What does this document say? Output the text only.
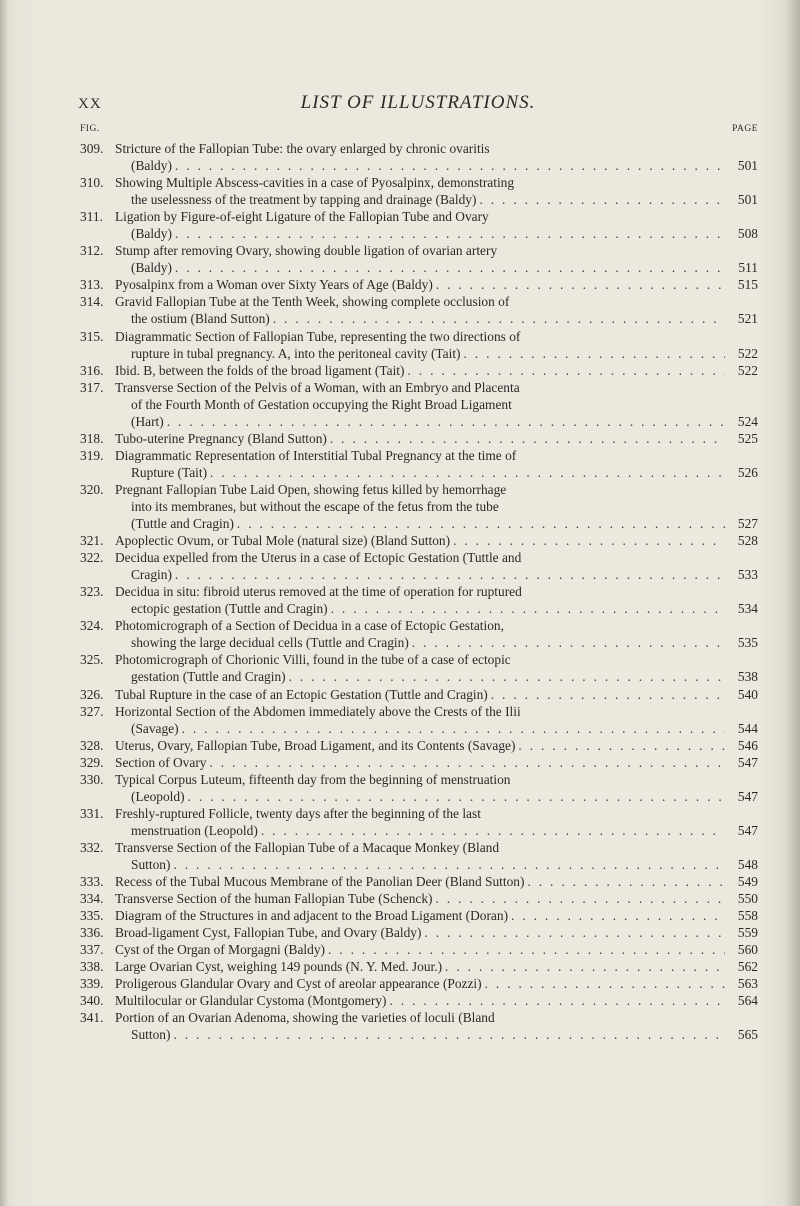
XX	LIST OF ILLUSTRATIONS.
FIG.	PAGE
309. Stricture of the Fallopian Tube: the ovary enlarged by chronic ovaritis
(Baldy) . . .	501
310. Showing Multiple Abscess-cavities in a case of Pyosalpinx, demonstrating
the uselessness of the treatment by tapping and drainage (Baldy) . . .	501
311. Ligation by Figure-of-eight Ligature of the Fallopian Tube and Ovary
(Baldy) . . .	508
312. Stump after removing Ovary, showing double ligation of ovarian artery
(Baldy) . . .	511
313. Pyosalpinx from a Woman over Sixty Years of Age (Baldy) . . .	515
314. Gravid Fallopian Tube at the Tenth Week, showing complete occlusion of
the ostium (Bland Sutton) . . .	521
315. Diagrammatic Section of Fallopian Tube, representing the two directions of
rupture in tubal pregnancy. A, into the peritoneal cavity (Tait) . . .	522
316. Ibid. B, between the folds of the broad ligament (Tait) . . .	522
317. Transverse Section of the Pelvis of a Woman, with an Embryo and Placenta
of the Fourth Month of Gestation occupying the Right Broad Ligament
(Hart) . . .	524
318. Tubo-uterine Pregnancy (Bland Sutton) . . .	525
319. Diagrammatic Representation of Interstitial Tubal Pregnancy at the time of
Rupture (Tait) . . .	526
320. Pregnant Fallopian Tube Laid Open, showing fetus killed by hemorrhage
into its membranes, but without the escape of the fetus from the tube
(Tuttle and Cragin) . . .	527
321. Apoplectic Ovum, or Tubal Mole (natural size) (Bland Sutton) . . .	528
322. Decidua expelled from the Uterus in a case of Ectopic Gestation (Tuttle and
Cragin) . . .	533
323. Decidua in situ: fibroid uterus removed at the time of operation for ruptured
ectopic gestation (Tuttle and Cragin) . . .	534
324. Photomicrograph of a Section of Decidua in a case of Ectopic Gestation,
showing the large decidual cells (Tuttle and Cragin) . . .	535
325. Photomicrograph of Chorionic Villi, found in the tube of a case of ectopic
gestation (Tuttle and Cragin) . . .	538
326. Tubal Rupture in the case of an Ectopic Gestation (Tuttle and Cragin) . . .	540
327. Horizontal Section of the Abdomen immediately above the Crests of the Ilii
(Savage) . . .	544
328. Uterus, Ovary, Fallopian Tube, Broad Ligament, and its Contents (Savage) . . .	546
329. Section of Ovary . . .	547
330. Typical Corpus Luteum, fifteenth day from the beginning of menstruation
(Leopold) . . .	547
331. Freshly-ruptured Follicle, twenty days after the beginning of the last
menstruation (Leopold) . . .	547
332. Transverse Section of the Fallopian Tube of a Macaque Monkey (Bland
Sutton) . . .	548
333. Recess of the Tubal Mucous Membrane of the Panolian Deer (Bland Sutton) . . .	549
334. Transverse Section of the human Fallopian Tube (Schenck) . . .	550
335. Diagram of the Structures in and adjacent to the Broad Ligament (Doran) . . .	558
336. Broad-ligament Cyst, Fallopian Tube, and Ovary (Baldy) . . .	559
337. Cyst of the Organ of Morgagni (Baldy) . . .	560
338. Large Ovarian Cyst, weighing 149 pounds (N. Y. Med. Jour.) . . .	562
339. Proligerous Glandular Ovary and Cyst of areolar appearance (Pozzi) . . .	563
340. Multilocular or Glandular Cystoma (Montgomery) . . .	564
341. Portion of an Ovarian Adenoma, showing the varieties of loculi (Bland
Sutton) . . .	565
